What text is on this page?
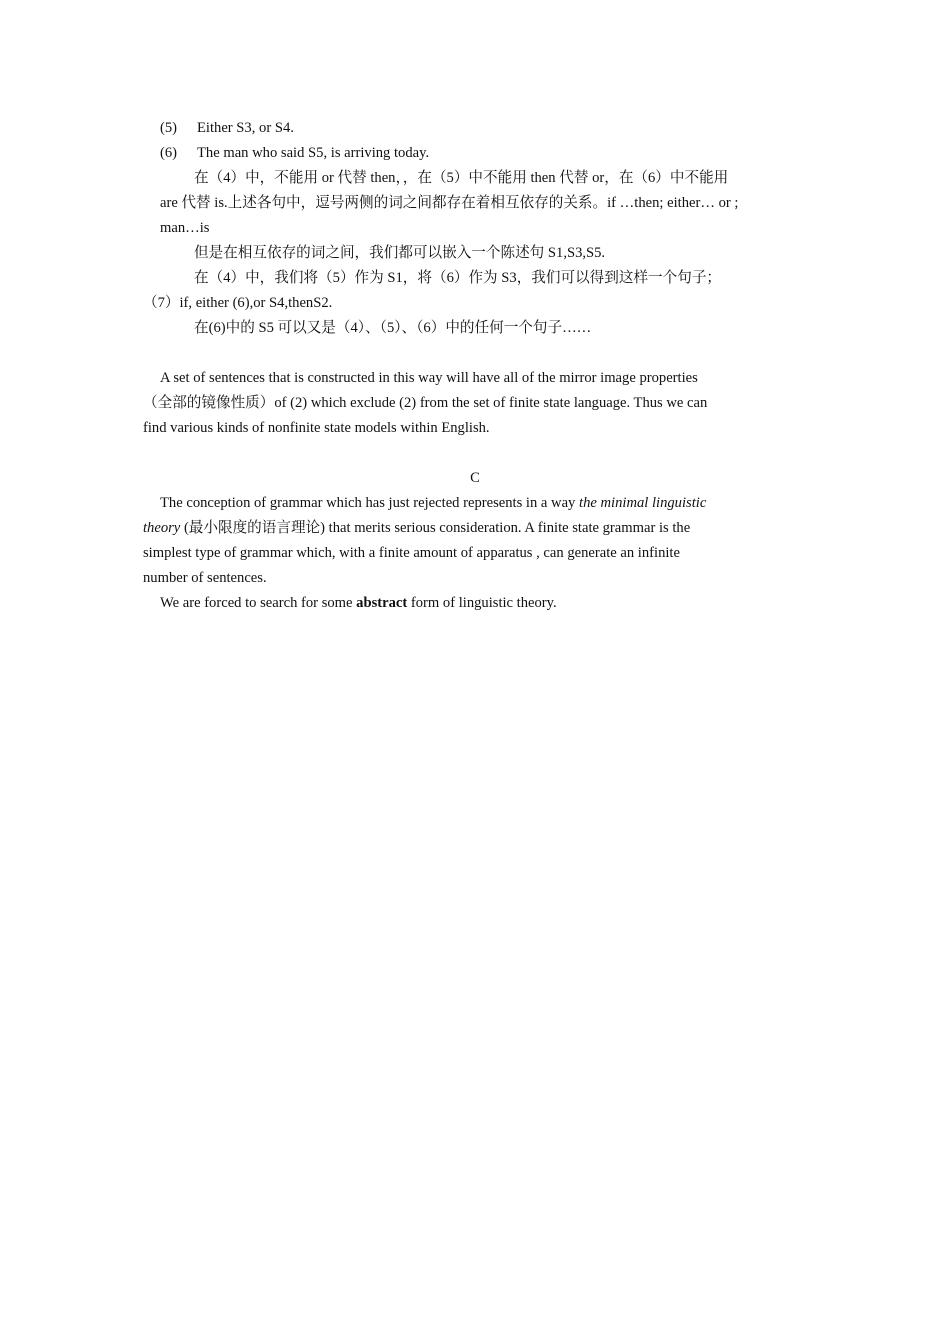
(5) Either S3, or S4.

(6) The man who said S5, is arriving today.

在（4）中，不能用 or 代替 then，，在（5）中不能用 then 代替 or，在（6）中不能用

are 代替 is.上述各句中，逗号两侧的词之间都存在着相互依存的关系。if …then; either… or ;

man…is

但是在相互依存的词之间，我们都可以嵌入一个陈述句 S1,S3,S5.

在（4）中，我们将（5）作为 S1，将（6）作为 S3，我们可以得到这样一个句子；

（7）if, either (6),or S4,thenS2.

在(6)中的 S5 可以又是（4）、（5）、（6）中的任何一个句子……

A set of sentences that is constructed in this way will have all of the mirror image properties

（全部的镜像性质）of (2) which exclude (2) from the set of finite state language. Thus we can

find various kinds of nonfinite state models within English.

C

The conception of grammar which has just rejected represents in a way the minimal linguistic

theory (最小限度的语言理论) that merits serious consideration. A finite state grammar is the

simplest type of grammar which, with a finite amount of apparatus , can generate an infinite

number of sentences.

We are forced to search for some abstract form of linguistic theory.
